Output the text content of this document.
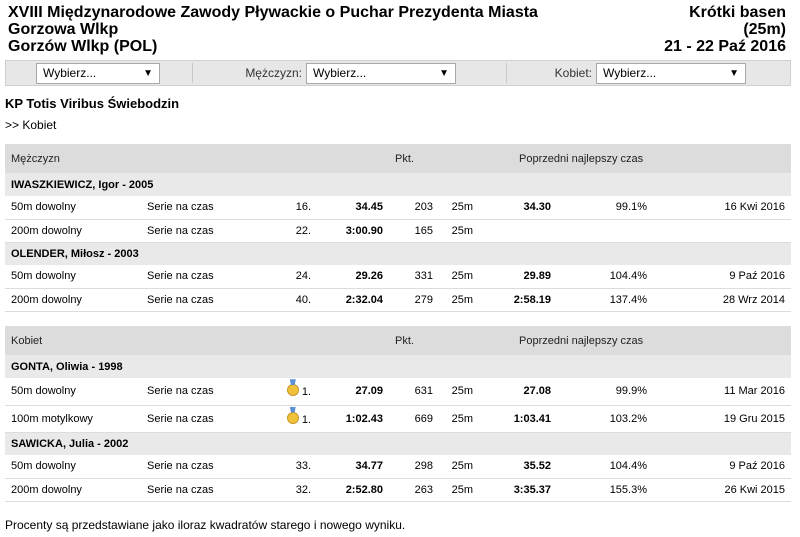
XVIII Międzynarodowe Zawody Pływackie o Puchar Prezydenta Miasta Gorzowa Wlkp
Gorzów Wlkp (POL)
Krótki basen
(25m)
21 - 22 Paź 2016
Wybierz...	▼	Mężczyzn: Wybierz...	▼	Kobiet: Wybierz...	▼
KP Totis Viribus Świebodzin
>> Kobiet
Mężczyzn				Pkt.		Poprzedni najlepszy czas		
IWASZKIEWICZ, Igor - 2005								
50m dowolny	Serie na czas	16.	34.45	203	25m	34.30	99.1%	16 Kwi 2016
200m dowolny	Serie na czas	22.	3:00.90	165	25m			
OLENDER, Miłosz - 2003								
50m dowolny	Serie na czas	24.	29.26	331	25m	29.89	104.4%	9 Paź 2016
200m dowolny	Serie na czas	40.	2:32.04	279	25m	2:58.19	137.4%	28 Wrz 2014
Kobiet				Pkt.		Poprzedni najlepszy czas		
GONTA, Oliwia - 1998								
50m dowolny	Serie na czas	1.	27.09	631	25m	27.08	99.9%	11 Mar 2016
100m motylkowy	Serie na czas	1.	1:02.43	669	25m	1:03.41	103.2%	19 Gru 2015
SAWICKA, Julia - 2002								
50m dowolny	Serie na czas	33.	34.77	298	25m	35.52	104.4%	9 Paź 2016
200m dowolny	Serie na czas	32.	2:52.80	263	25m	3:35.37	155.3%	26 Kwi 2015
Procenty są przedstawiane jako iloraz kwadratów starego i nowego wyniku.
